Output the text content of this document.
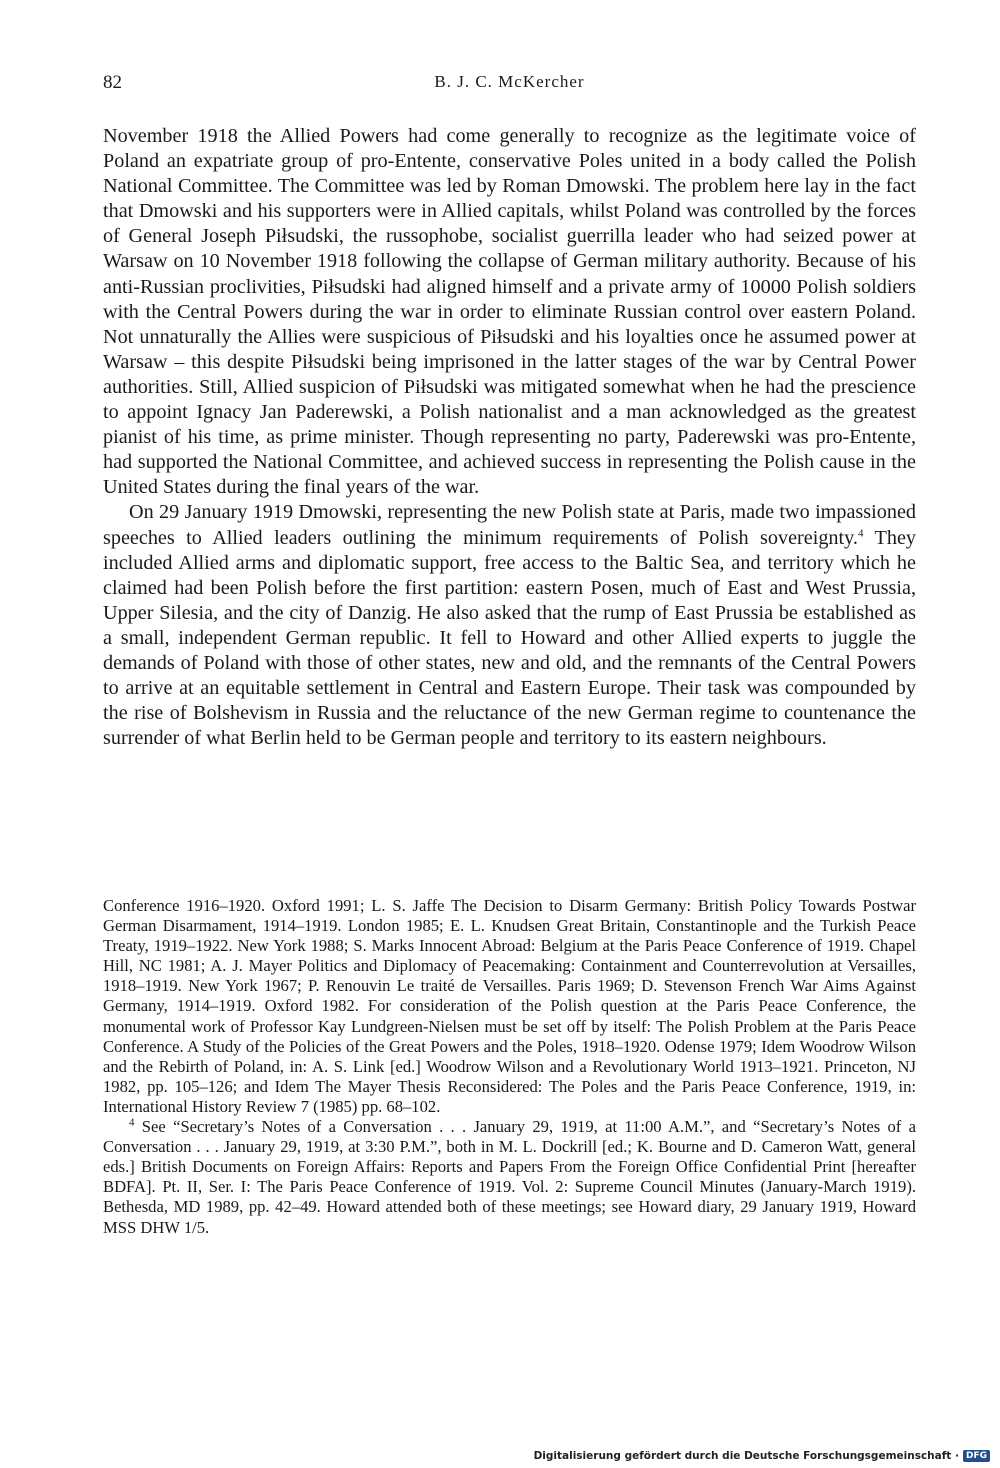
82	B. J. C. McKercher

November 1918 the Allied Powers had come generally to recognize as the legitimate voice of Poland an expatriate group of pro-Entente, conservative Poles united in a body called the Polish National Committee. The Committee was led by Roman Dmowski. The problem here lay in the fact that Dmowski and his supporters were in Allied capitals, whilst Poland was controlled by the forces of General Joseph Piłsudski, the russophobe, socialist guerrilla leader who had seized power at Warsaw on 10 November 1918 following the collapse of German military authority. Because of his anti-Russian proclivities, Piłsudski had aligned himself and a private army of 10000 Polish soldiers with the Central Powers during the war in order to eliminate Russian control over eastern Poland. Not unnaturally the Allies were suspicious of Piłsudski and his loyalties once he assumed power at Warsaw – this despite Piłsudski being imprisoned in the latter stages of the war by Central Power authorities. Still, Allied suspicion of Piłsudski was mitigated somewhat when he had the prescience to appoint Ignacy Jan Paderewski, a Polish nationalist and a man acknowledged as the greatest pianist of his time, as prime minister. Though representing no party, Paderewski was pro-Entente, had supported the National Committee, and achieved success in representing the Polish cause in the United States during the final years of the war.

On 29 January 1919 Dmowski, representing the new Polish state at Paris, made two impassioned speeches to Allied leaders outlining the minimum requirements of Polish sovereignty.$^4$ They included Allied arms and diplomatic support, free access to the Baltic Sea, and territory which he claimed had been Polish before the first partition: eastern Posen, much of East and West Prussia, Upper Silesia, and the city of Danzig. He also asked that the rump of East Prussia be established as a small, independent German republic. It fell to Howard and other Allied experts to juggle the demands of Poland with those of other states, new and old, and the remnants of the Central Powers to arrive at an equitable settlement in Central and Eastern Europe. Their task was compounded by the rise of Bolshevism in Russia and the reluctance of the new German regime to countenance the surrender of what Berlin held to be German people and territory to its eastern neighbours.

Conference 1916–1920. Oxford 1991; L. S. Jaffe The Decision to Disarm Germany: British Policy Towards Postwar German Disarmament, 1914–1919. London 1985; E. L. Knudsen Great Britain, Constantinople and the Turkish Peace Treaty, 1919–1922. New York 1988; S. Marks Innocent Abroad: Belgium at the Paris Peace Conference of 1919. Chapel Hill, NC 1981; A. J. Mayer Politics and Diplomacy of Peacemaking: Containment and Counterrevolution at Versailles, 1918–1919. New York 1967; P. Renouvin Le traité de Versailles. Paris 1969; D. Stevenson French War Aims Against Germany, 1914–1919. Oxford 1982. For consideration of the Polish question at the Paris Peace Conference, the monumental work of Professor Kay Lundgreen-Nielsen must be set off by itself: The Polish Problem at the Paris Peace Conference. A Study of the Policies of the Great Powers and the Poles, 1918–1920. Odense 1979; Idem Woodrow Wilson and the Rebirth of Poland, in: A. S. Link [ed.] Woodrow Wilson and a Revolutionary World 1913–1921. Princeton, NJ 1982, pp. 105–126; and Idem The Mayer Thesis Reconsidered: The Poles and the Paris Peace Conference, 1919, in: International History Review 7 (1985) pp. 68–102.

$^4$ See “Secretary’s Notes of a Conversation . . . January 29, 1919, at 11:00 A.M.”, and “Secretary’s Notes of a Conversation . . . January 29, 1919, at 3:30 P.M.”, both in M. L. Dockrill [ed.; K. Bourne and D. Cameron Watt, general eds.] British Documents on Foreign Affairs: Reports and Papers From the Foreign Office Confidential Print [hereafter BDFA]. Pt. II, Ser. I: The Paris Peace Conference of 1919. Vol. 2: Supreme Council Minutes (January-March 1919). Bethesda, MD 1989, pp. 42–49. Howard attended both of these meetings; see Howard diary, 29 January 1919, Howard MSS DHW 1/5.

Digitalisierung gefördert durch die Deutsche Forschungsgemeinschaft · DFG
